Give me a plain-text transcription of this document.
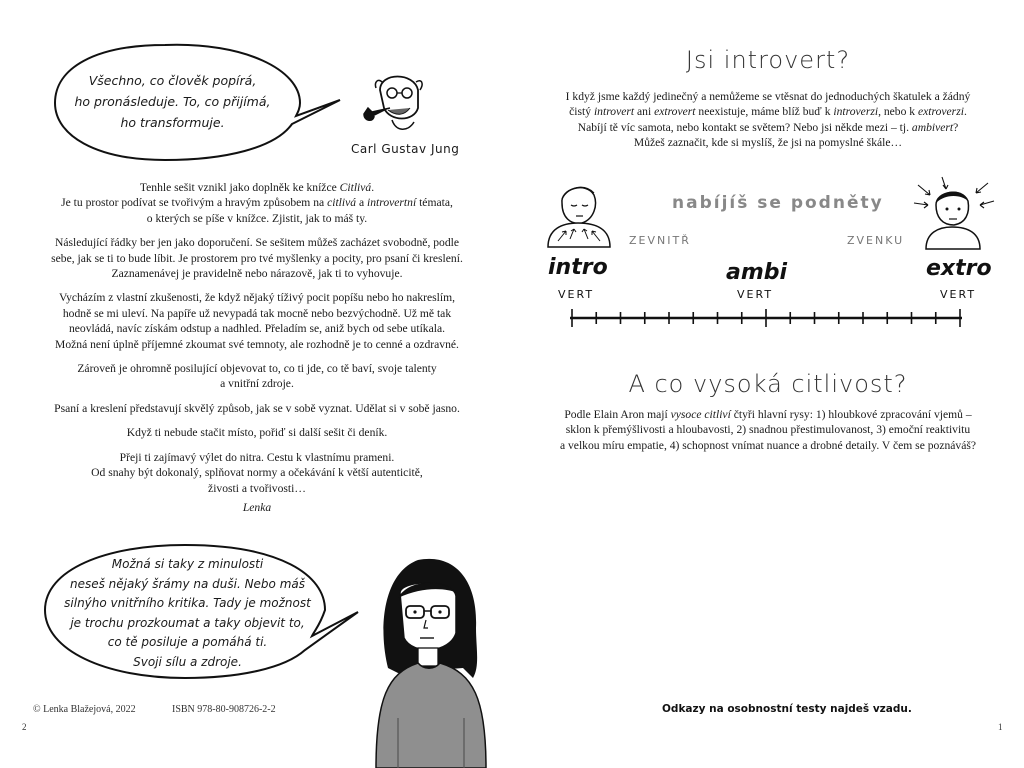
Všechno, co člověk popírá,
ho pronásleduje. To, co přijímá,
ho transformuje.
Carl Gustav Jung

Tenhle sešit vznikl jako doplněk ke knížce Citlivá.
Je tu prostor podívat se tvořivým a hravým způsobem na citlivá a introvertní témata,
o kterých se píše v knížce. Zjistit, jak to máš ty.

Následující řádky ber jen jako doporučení. Se sešitem můžeš zacházet svobodně, podle
sebe, jak se ti to bude líbit. Je prostorem pro tvé myšlenky a pocity, pro psaní či kreslení.
Zaznamenávej je pravidelně nebo nárazově, jak ti to vyhovuje.

Vycházím z vlastní zkušenosti, že když nějaký tíživý pocit popíšu nebo ho nakreslím,
hodně se mi uleví. Na papíře už nevypadá tak mocně nebo bezvýchodně. Už mě tak
neovládá, navíc získám odstup a nadhled. Přeladím se, aniž bych od sebe utíkala.
Možná není úplně příjemné zkoumat své temnoty, ale rozhodně je to cenné a ozdravné.

Zároveň je ohromně posilující objevovat to, co ti jde, co tě baví, svoje talenty
a vnitřní zdroje.

Psaní a kreslení představují skvělý způsob, jak se v sobě vyznat. Udělat si v sobě jasno.

Když ti nebude stačit místo, pořiď si další sešit či deník.

Přeji ti zajímavý výlet do nitra. Cestu k vlastnímu prameni.
Od snahy být dokonalý, splňovat normy a očekávání k větší autenticitě,
živosti a tvořivosti…

Lenka

Možná si taky z minulosti
neseš nějaký šrámy na duši. Nebo máš
silnýho vnitřního kritika. Tady je možnost
je trochu prozkoumat a taky objevit to,
co tě posiluje a pomáhá ti.
Svoji sílu a zdroje.
© Lenka Blažejová, 2022	ISBN 978-80-908726-2-2
2
Jsi introvert?
I když jsme každý jedinečný a nemůžeme se vtěsnat do jednoduchých škatulek a žádný
čistý introvert ani extrovert neexistuje, máme blíž buď k introverzi, nebo k extroverzi.
Nabíjí tě víc samota, nebo kontakt se světem? Nebo jsi někde mezi – tj. ambivert?
Můžeš zaznačit, kde si myslíš, že jsi na pomyslné škále…
nabíjíš se podněty
ZEVNITŘ	ZVENKU
intro
VERT
ambi
VERT
extro
VERT
A co vysoká citlivost?
Podle Elain Aron mají vysoce citliví čtyři hlavní rysy: 1) hloubkové zpracování vjemů –
sklon k přemýšlivosti a hloubavosti, 2) snadnou přestimulovanost, 3) emoční reaktivitu
a velkou míru empatie, 4) schopnost vnímat nuance a drobné detaily. V čem se poznáváš?
Odkazy na osobnostní testy najdeš vzadu.
1
